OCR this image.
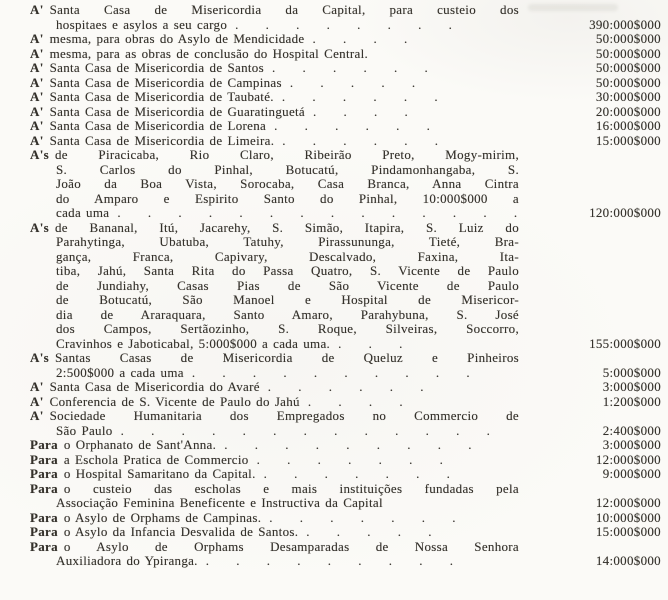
A' Santa Casa de Misericordia da Capital, para custeio dos
hospitaes e asylos a seu cargo . . . . . . . .	390:000$000
A' mesma, para obras do Asylo de Mendicidade . . . .	50:000$000
A' mesma, para as obras de conclusão do Hospital Central.	50:000$000
A' Santa Casa de Misericordia de Santos . . . . . .	50:000$000
A' Santa Casa de Misericordia de Campinas . . . . .	50:000$000
A' Santa Casa de Misericordia de Taubaté. . . . . . .	30:000$000
A' Santa Casa de Misericordia de Guaratinguetá . . . .	20:000$000
A' Santa Casa de Misericordia de Lorena . . . . . .	16:000$000
A' Santa Casa de Misericordia de Limeira. . . . . . .	15:000$000
A's de Piracicaba, Rio Claro, Ribeirão Preto, Mogy-mirim,
S. Carlos do Pinhal, Botucatú, Pindamonhangaba, S.
João da Boa Vista, Sorocaba, Casa Branca, Anna Cintra
do Amparo e Espirito Santo do Pinhal, 10:000$000 a
cada uma . . . . . . . . . . . . . .	120:000$000
A's de Bananal, Itú, Jacarehy, S. Simão, Itapira, S. Luiz do
Parahytinga, Ubatuba, Tatuhy, Pirassununga, Tieté, Bra-
gança, Franca, Capivary, Descalvado, Faxina, Ita-
tiba, Jahú, Santa Rita do Passa Quatro, S. Vicente de Paulo
de Jundiahy, Casas Pias de São Vicente de Paulo
de Botucatú, São Manoel e Hospital de Misericor-
dia de Araraquara, Santo Amaro, Parahybuna, S. José
dos Campos, Sertãozinho, S. Roque, Silveiras, Soccorro,
Cravinhos e Jaboticabal, 5:000$000 a cada uma. . . .	155:000$000
A's Santas Casas de Misericordia de Queluz e Pinheiros
2:500$000 a cada uma . . . . . . . . . .	5:000$000
A' Santa Casa de Misericordia do Avaré . . . . . .	3:000$000
A' Conferencia de S. Vicente de Paulo do Jahú . . . .	1:200$000
A' Sociedade Humanitaria dos Empregados no Commercio de
São Paulo . . . . . . . . . . . . .	2:400$000
Para o Orphanato de Sant'Anna. . . . . . . . . .	3:000$000
Para a Eschola Pratica de Commercio . . . . . . .	12:000$000
Para o Hospital Samaritano da Capital. . . . . . . .	9:000$000
Para o custeio das escholas e mais instituições fundadas pela
Associação Feminina Beneficente e Instructiva da Capital	12:000$000
Para o Asylo de Orphams de Campinas. . . . . . . .	10:000$000
Para o Asylo da Infancia Desvalida de Santos. . . . . .	15:000$000
Para o Asylo de Orphams Desamparadas de Nossa Senhora
Auxiliadora do Ypiranga. . . . . . . . . .	14:000$000
